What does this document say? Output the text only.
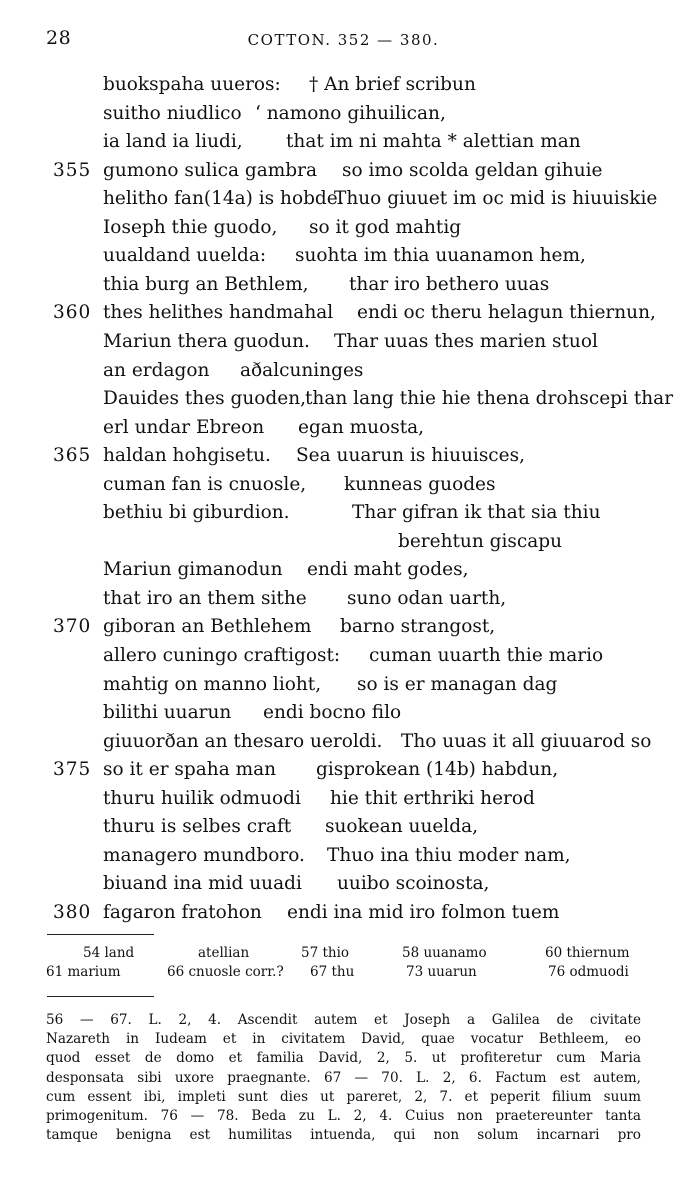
28	COTTON. 352 — 380.
buokspaha uueros: † An brief scribun
suitho niudlico ‘ namono gihuilican,
ia land ia liudi, that im ni mahta * alettian man
355 gumono sulica gambra so imo scolda geldan gihuie
helitho fan(14a) is hobde.
Thuo giuuet im oc mid is hiuuiskie
Ioseph thie guodo, so it god mahtig
uualdand uuelda: suohta im thia uuanamon hem,
thia burg an Bethlem, thar iro bethero uuas
360 thes helithes handmahal endi oc theru helagun thiernun,
Mariun thera guodun. Thar uuas thes marien stuol
an erdagon aðalcuninges
Dauides thes guoden,
than lang thie hie thena drohscepi thar
erl undar Ebreon egan muosta,
365 haldan hohgisetu. Sea uuarun is hiuuisces,
cuman fan is cnuosle, kunneas guodes
bethiu bi giburdion.	Thar gifran ik that sia thiu
berehtun giscapu
Mariun gimanodun endi maht godes,
that iro an them sithe suno odan uarth,
370 giboran an Bethlehem barno strangost,
allero cuningo craftigost: cuman uuarth thie mario
mahtig on manno lioht, so is er managan dag
bilithi uuarun endi bocno filo
giuuorðan an thesaro ueroldi. Tho uuas it all giuuarod so
375 so it er spaha man gisprokean (14b) habdun,
thuru huilik odmuodi hie thit erthriki herod
thuru is selbes craft suokean uuelda,
managero mundboro. Thuo ina thiu moder nam,
biuand ina mid uuadi uuibo scoinosta,
380 fagaron fratohon endi ina mid iro folmon tuem
54 land	atellian	57 thio	58 uuanamo	60 thiernum
61 marium	66 cnuosle corr.? 67 thu	73 uuarun	76 odmuodi

56 — 67. L. 2, 4. Ascendit autem et Joseph a Galilea de civitate

Nazareth in Iudeam et in civitatem David, quae vocatur Bethleem, eo

quod esset de domo et familia David, 2, 5. ut profiteretur cum Maria

desponsata sibi uxore praegnante. 67 — 70. L. 2, 6. Factum est autem,

cum essent ibi, impleti sunt dies ut pareret, 2, 7. et peperit filium suum

primogenitum. 76 — 78. Beda zu L. 2, 4. Cuius non praetereunter tanta

tamque benigna est humilitas intuenda, qui non solum incarnari pro
